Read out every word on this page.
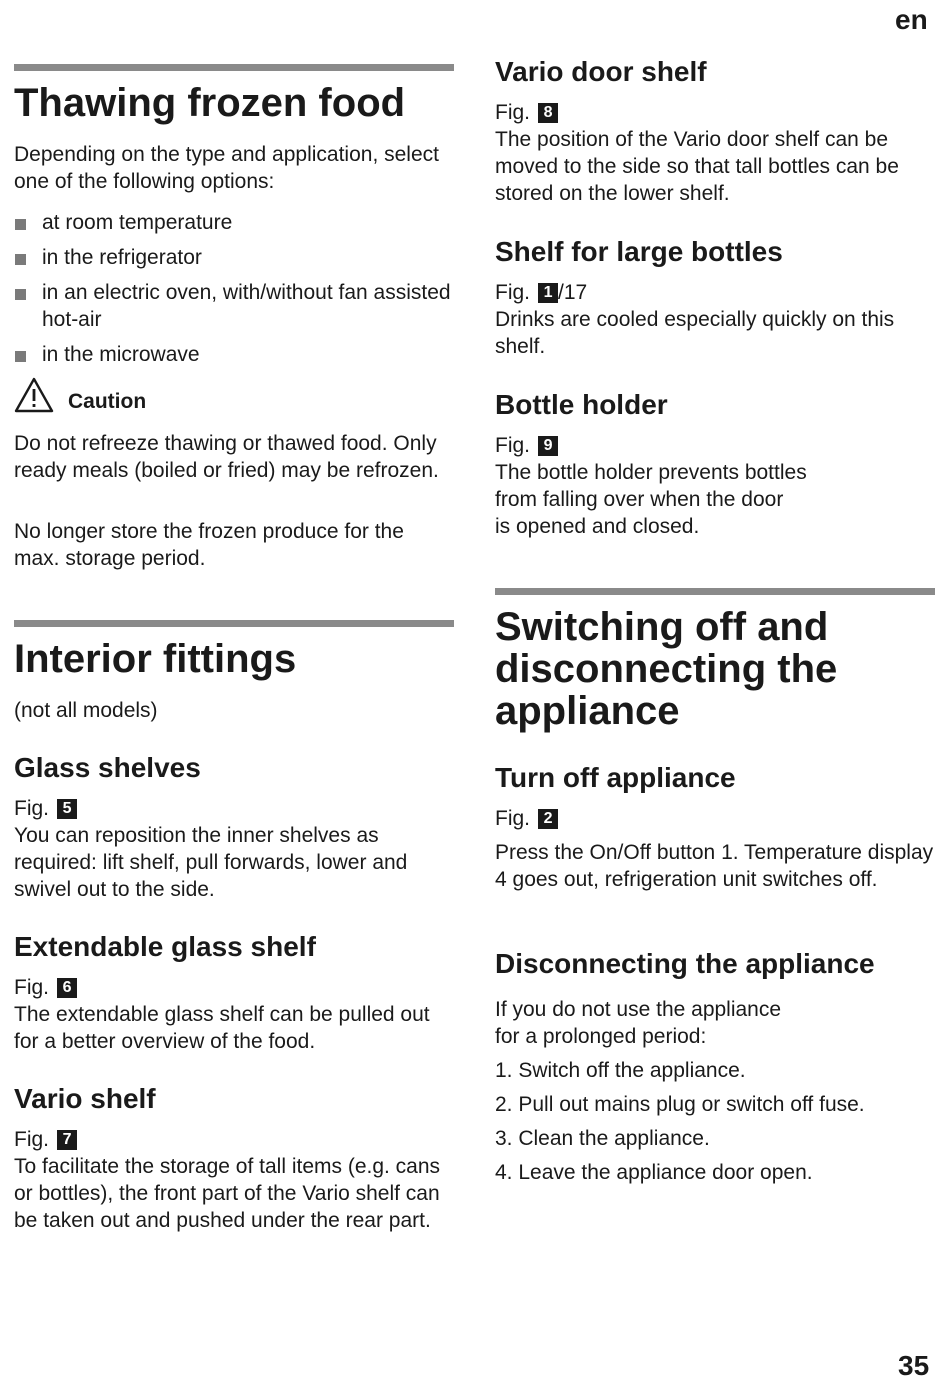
en
Thawing frozen food

Depending on the type and application, select one of the following options:

at room temperature
in the refrigerator
in an electric oven, with/without fan assisted hot-air
in the microwave
Caution

Do not refreeze thawing or thawed food. Only ready meals (boiled or fried) may be refrozen.

No longer store the frozen produce for the max. storage period.

Interior fittings

(not all models)

Glass shelves
Fig. 5

You can reposition the inner shelves as required: lift shelf, pull forwards, lower and swivel out to the side.

Extendable glass shelf
Fig. 6

The extendable glass shelf can be pulled out for a better overview of the food.

Vario shelf
Fig. 7

To facilitate the storage of tall items (e.g. cans or bottles), the front part of the Vario shelf can be taken out and pushed under the rear part.

Vario door shelf
Fig. 8

The position of the Vario door shelf can be moved to the side so that tall bottles can be stored on the lower shelf.

Shelf for large bottles
Fig. 1 /17

Drinks are cooled especially quickly on this shelf.

Bottle holder
Fig. 9

The bottle holder prevents bottles

from falling over when the door

is opened and closed.

Switching off and
disconnecting the
appliance
Turn off appliance
Fig. 2

Press the On/Off button 1. Temperature display 4 goes out, refrigeration unit switches off.

Disconnecting the appliance

If you do not use the appliance

for a prolonged period:

1. Switch off the appliance.
2. Pull out mains plug or switch off fuse.
3. Clean the appliance.
4. Leave the appliance door open.
35
